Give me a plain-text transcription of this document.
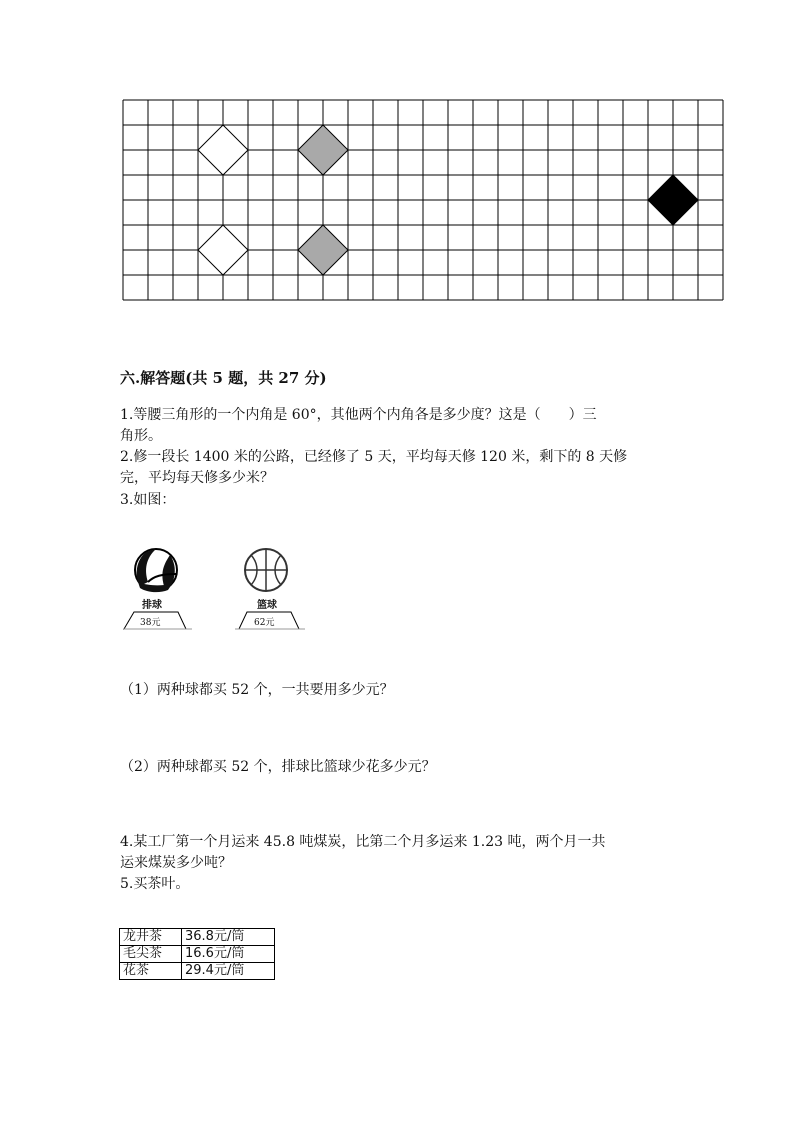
六.解答题(共 5 题，共 27 分)
1.等腰三角形的一个内角是 60°，其他两个内角各是多少度？这是（　　）三
角形。
2.修一段长 1400 米的公路，已经修了 5 天，平均每天修 120 米，剩下的 8 天修
完，平均每天修多少米？
3.如图：
排球
38元
篮球
62元
（1）两种球都买 52 个，一共要用多少元？
（2）两种球都买 52 个，排球比篮球少花多少元？
4.某工厂第一个月运来 45.8 吨煤炭，比第二个月多运来 1.23 吨，两个月一共
运来煤炭多少吨？
5.买茶叶。
龙井茶	36.8元/筒
毛尖茶	16.6元/筒
花茶	29.4元/筒
